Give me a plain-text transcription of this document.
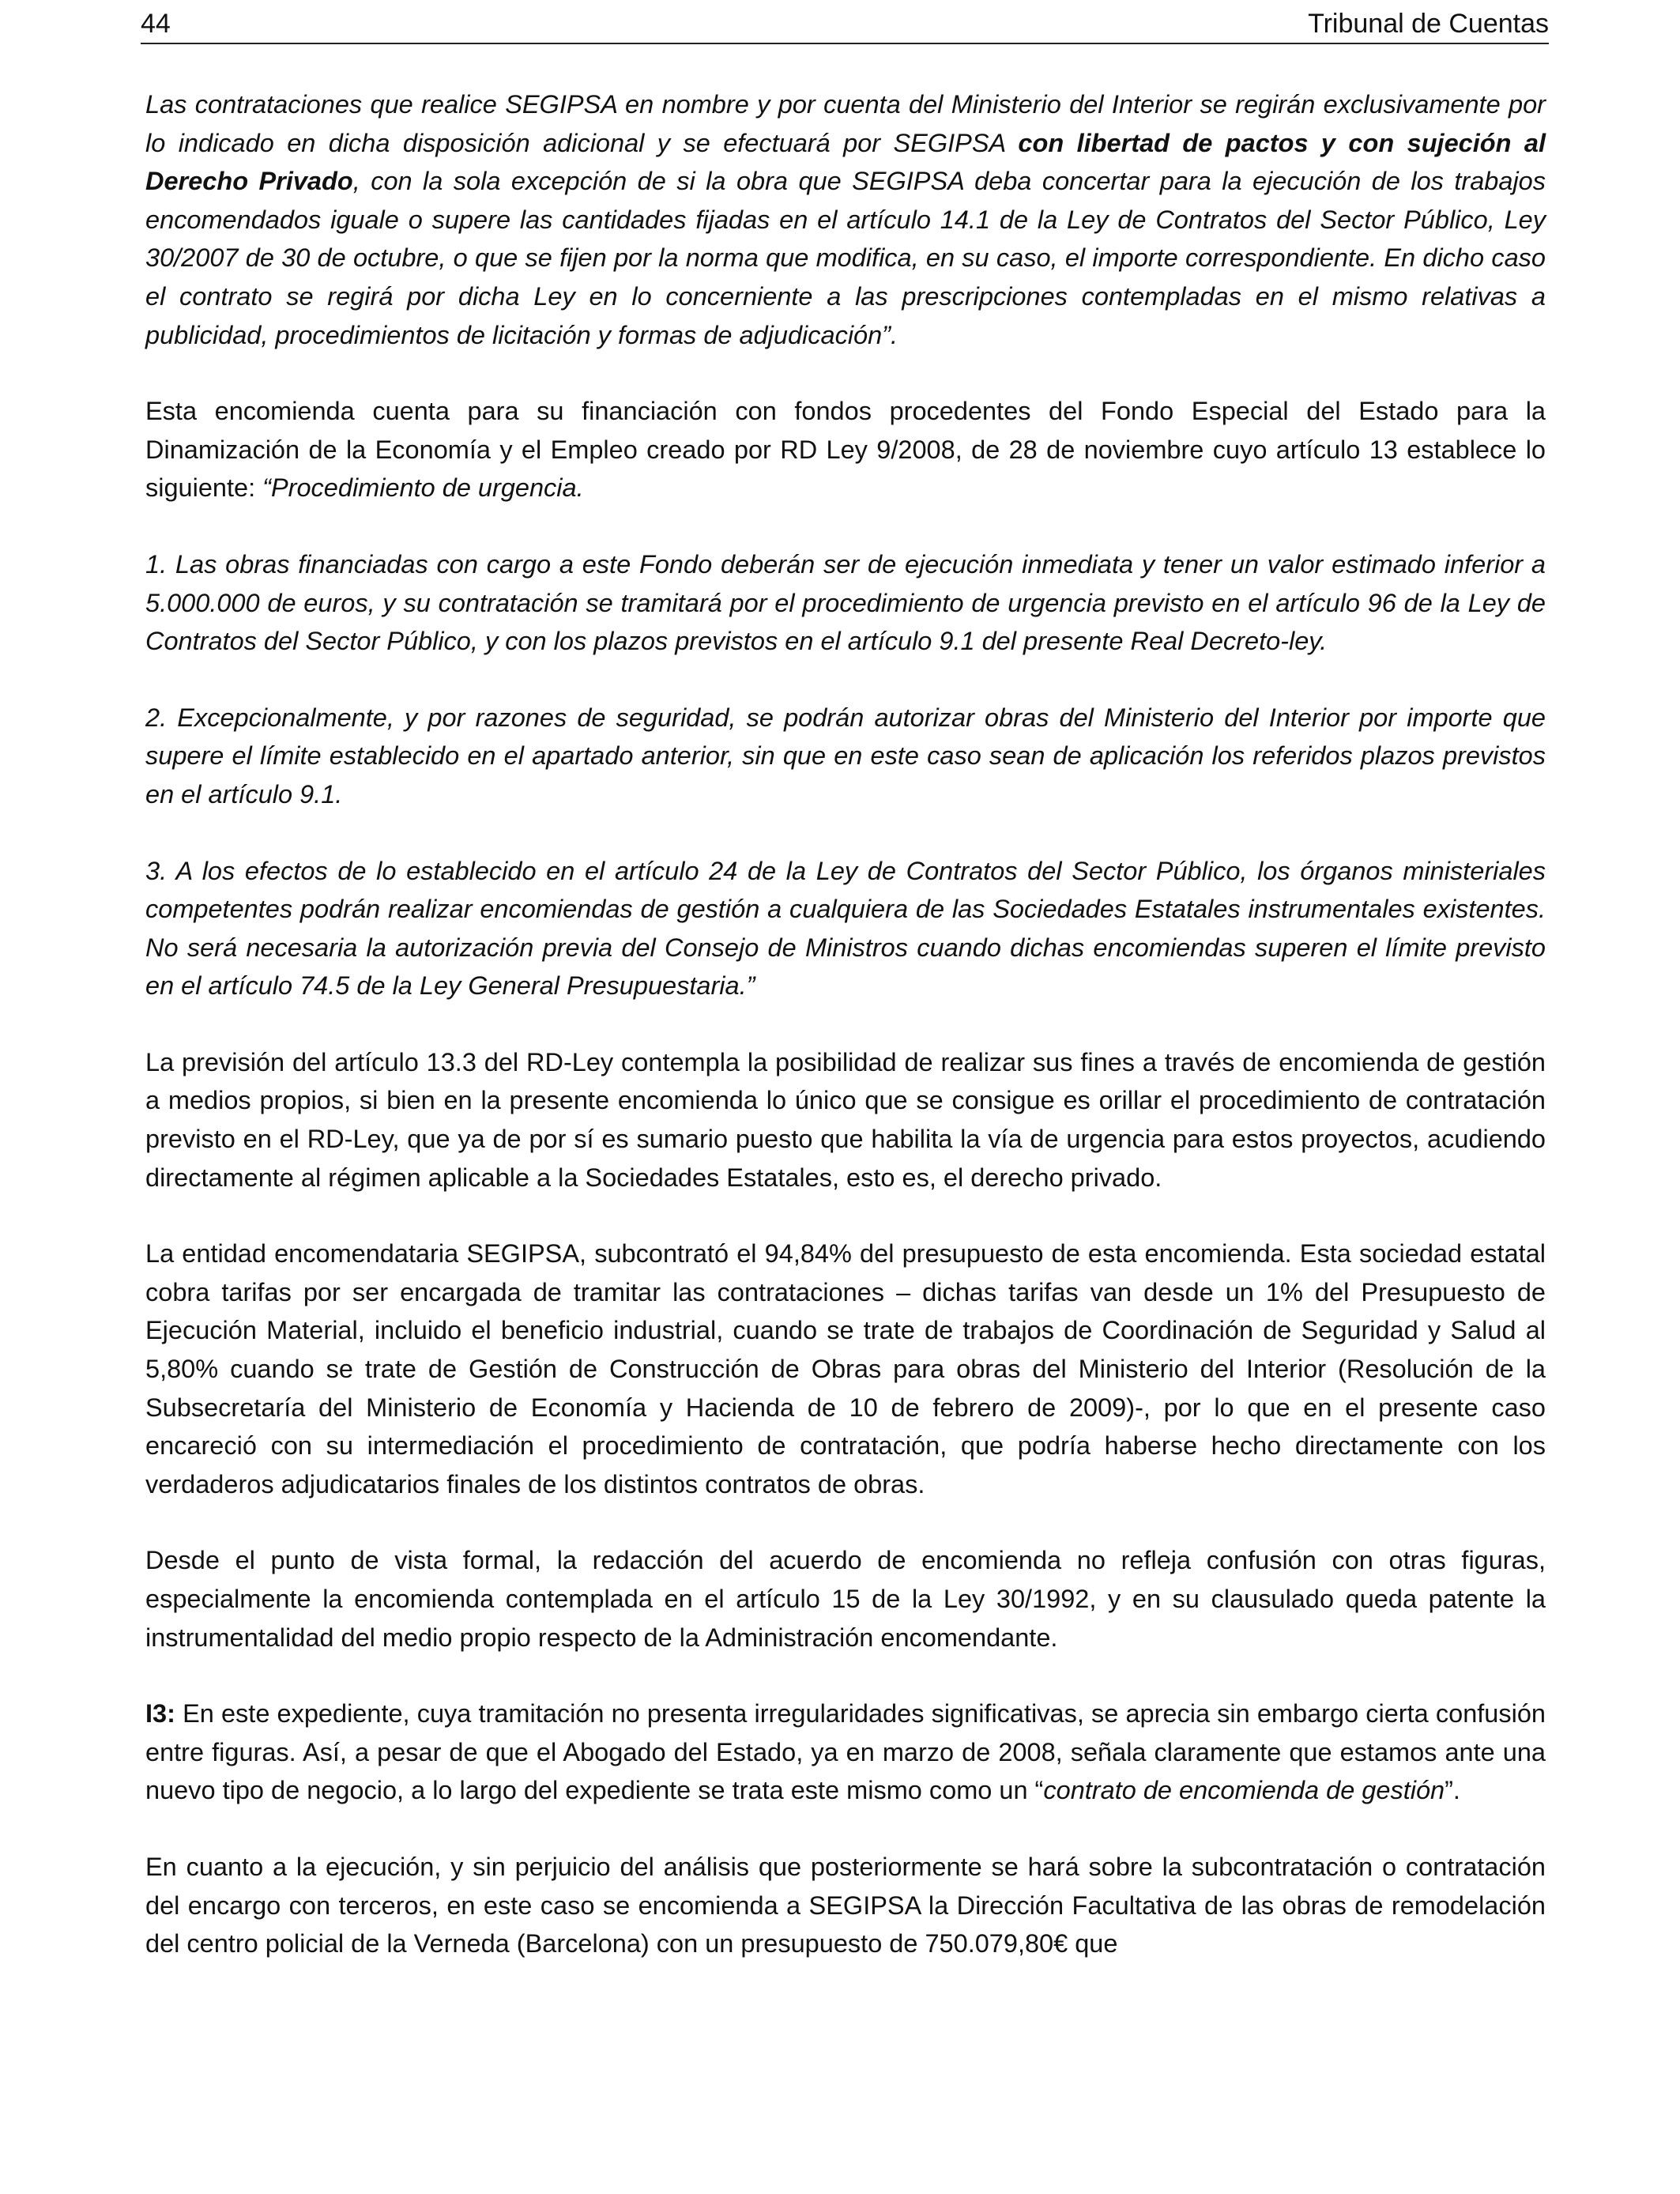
44	Tribunal de Cuentas

Las contrataciones que realice SEGIPSA en nombre y por cuenta del Ministerio del Interior se regirán exclusivamente por lo indicado en dicha disposición adicional y se efectuará por SEGIPSA con libertad de pactos y con sujeción al Derecho Privado, con la sola excepción de si la obra que SEGIPSA deba concertar para la ejecución de los trabajos encomendados iguale o supere las cantidades fijadas en el artículo 14.1 de la Ley de Contratos del Sector Público, Ley 30/2007 de 30 de octubre, o que se fijen por la norma que modifica, en su caso, el importe correspondiente. En dicho caso el contrato se regirá por dicha Ley en lo concerniente a las prescripciones contempladas en el mismo relativas a publicidad, procedimientos de licitación y formas de adjudicación”.

Esta encomienda cuenta para su financiación con fondos procedentes del Fondo Especial del Estado para la Dinamización de la Economía y el Empleo creado por RD Ley 9/2008, de 28 de noviembre cuyo artículo 13 establece lo siguiente: “Procedimiento de urgencia.

1. Las obras financiadas con cargo a este Fondo deberán ser de ejecución inmediata y tener un valor estimado inferior a 5.000.000 de euros, y su contratación se tramitará por el procedimiento de urgencia previsto en el artículo 96 de la Ley de Contratos del Sector Público, y con los plazos previstos en el artículo 9.1 del presente Real Decreto-ley.

2. Excepcionalmente, y por razones de seguridad, se podrán autorizar obras del Ministerio del Interior por importe que supere el límite establecido en el apartado anterior, sin que en este caso sean de aplicación los referidos plazos previstos en el artículo 9.1.

3. A los efectos de lo establecido en el artículo 24 de la Ley de Contratos del Sector Público, los órganos ministeriales competentes podrán realizar encomiendas de gestión a cualquiera de las Sociedades Estatales instrumentales existentes. No será necesaria la autorización previa del Consejo de Ministros cuando dichas encomiendas superen el límite previsto en el artículo 74.5 de la Ley General Presupuestaria.”

La previsión del artículo 13.3 del RD-Ley contempla la posibilidad de realizar sus fines a través de encomienda de gestión a medios propios, si bien en la presente encomienda lo único que se consigue es orillar el procedimiento de contratación previsto en el RD-Ley, que ya de por sí es sumario puesto que habilita la vía de urgencia para estos proyectos, acudiendo directamente al régimen aplicable a la Sociedades Estatales, esto es, el derecho privado.

La entidad encomendataria SEGIPSA, subcontrató el 94,84% del presupuesto de esta encomienda. Esta sociedad estatal cobra tarifas por ser encargada de tramitar las contrataciones – dichas tarifas van desde un 1% del Presupuesto de Ejecución Material, incluido el beneficio industrial, cuando se trate de trabajos de Coordinación de Seguridad y Salud al 5,80% cuando se trate de Gestión de Construcción de Obras para obras del Ministerio del Interior (Resolución de la Subsecretaría del Ministerio de Economía y Hacienda de 10 de febrero de 2009)-, por lo que en el presente caso encareció con su intermediación el procedimiento de contratación, que podría haberse hecho directamente con los verdaderos adjudicatarios finales de los distintos contratos de obras.

Desde el punto de vista formal, la redacción del acuerdo de encomienda no refleja confusión con otras figuras, especialmente la encomienda contemplada en el artículo 15 de la Ley 30/1992, y en su clausulado queda patente la instrumentalidad del medio propio respecto de la Administración encomendante.

I3: En este expediente, cuya tramitación no presenta irregularidades significativas, se aprecia sin embargo cierta confusión entre figuras. Así, a pesar de que el Abogado del Estado, ya en marzo de 2008, señala claramente que estamos ante una nuevo tipo de negocio, a lo largo del expediente se trata este mismo como un “contrato de encomienda de gestión”.

En cuanto a la ejecución, y sin perjuicio del análisis que posteriormente se hará sobre la subcontratación o contratación del encargo con terceros, en este caso se encomienda a SEGIPSA la Dirección Facultativa de las obras de remodelación del centro policial de la Verneda (Barcelona) con un presupuesto de 750.079,80€ que
